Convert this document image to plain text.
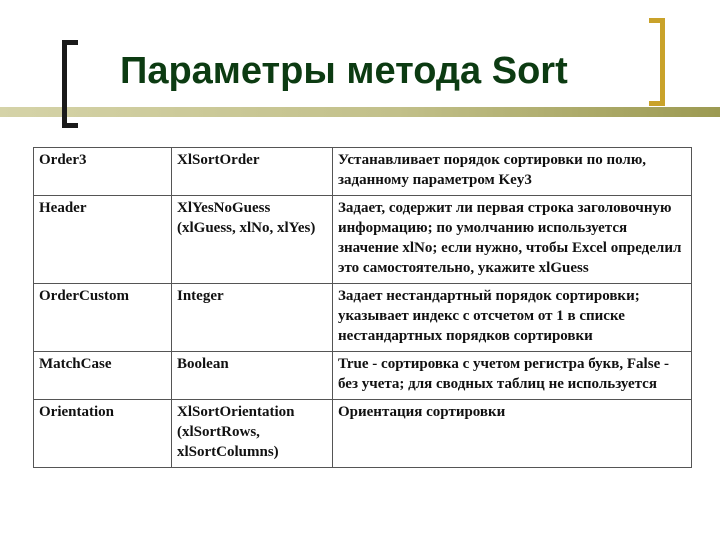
Параметры метода Sort
Order3	XlSortOrder	Устанавливает порядок сортировки по полю, заданному параметром Key3
Header	XlYesNoGuess (xlGuess, xlNo, xlYes)	Задает, содержит ли первая строка заголовочную информацию; по умолчанию используется значение xlNo; если нужно, чтобы Excel определил это самостоятельно, укажите xlGuess
OrderCustom	Integer	Задает нестандартный порядок сортировки; указывает индекс с отсчетом от 1 в списке нестандартных порядков сортировки
MatchCase	Boolean	True - сортировка с учетом регистра букв, False - без учета; для сводных таблиц не используется
Orientation	XlSortOrientation (xlSortRows, xlSortColumns)	Ориентация сортировки
